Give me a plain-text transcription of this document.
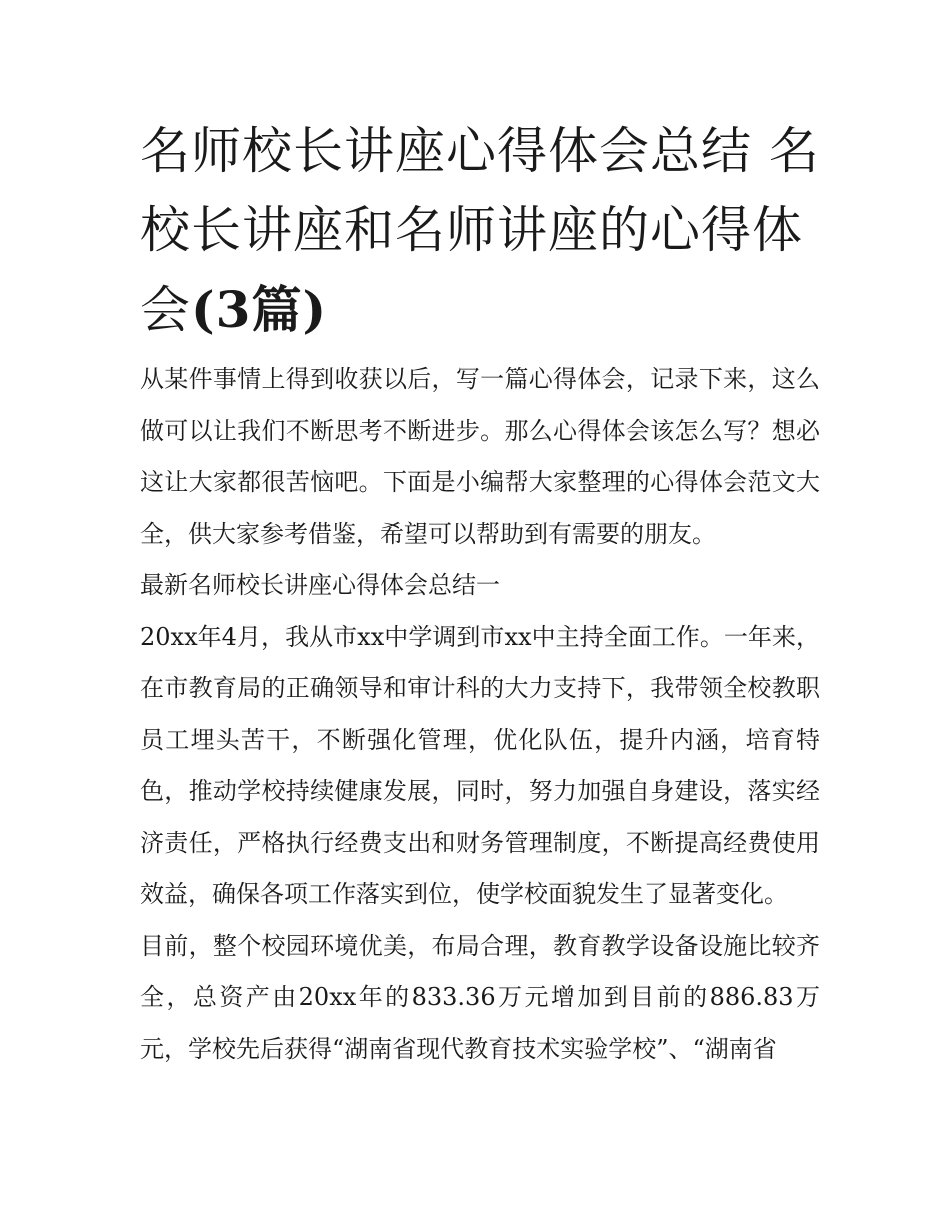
名师校长讲座心得体会总结 名校长讲座和名师讲座的心得体会(3篇)

从某件事情上得到收获以后，写一篇心得体会，记录下来，这么做可以让我们不断思考不断进步。那么心得体会该怎么写？想必这让大家都很苦恼吧。下面是小编帮大家整理的心得体会范文大全，供大家参考借鉴，希望可以帮助到有需要的朋友。

最新名师校长讲座心得体会总结一

20xx年4月，我从市xx中学调到市xx中主持全面工作。一年来，在市教育局的正确领导和审计科的大力支持下，我带领全校教职员工埋头苦干，不断强化管理，优化队伍，提升内涵，培育特色，推动学校持续健康发展，同时，努力加强自身建设，落实经济责任，严格执行经费支出和财务管理制度，不断提高经费使用效益，确保各项工作落实到位，使学校面貌发生了显著变化。

目前，整个校园环境优美，布局合理，教育教学设备设施比较齐全，总资产由20xx年的833.36万元增加到目前的886.83万元，学校先后获得“湖南省现代教育技术实验学校”、“湖南省
